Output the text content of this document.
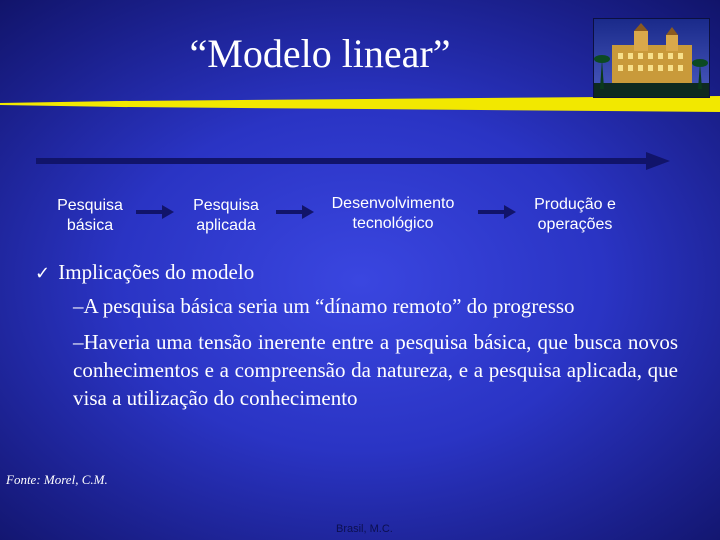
“Modelo linear”
Pesquisa
básica
Pesquisa
aplicada
Desenvolvimento
tecnológico
Produção e
operações
✓ Implicações do modelo
–A pesquisa básica seria um “dínamo remoto” do progresso
–Haveria uma tensão inerente entre a pesquisa básica, que busca novos conhecimentos e a compreensão da natureza, e a pesquisa aplicada, que visa a utilização do conhecimento
Fonte: Morel, C.M.
Brasil, M.C.
